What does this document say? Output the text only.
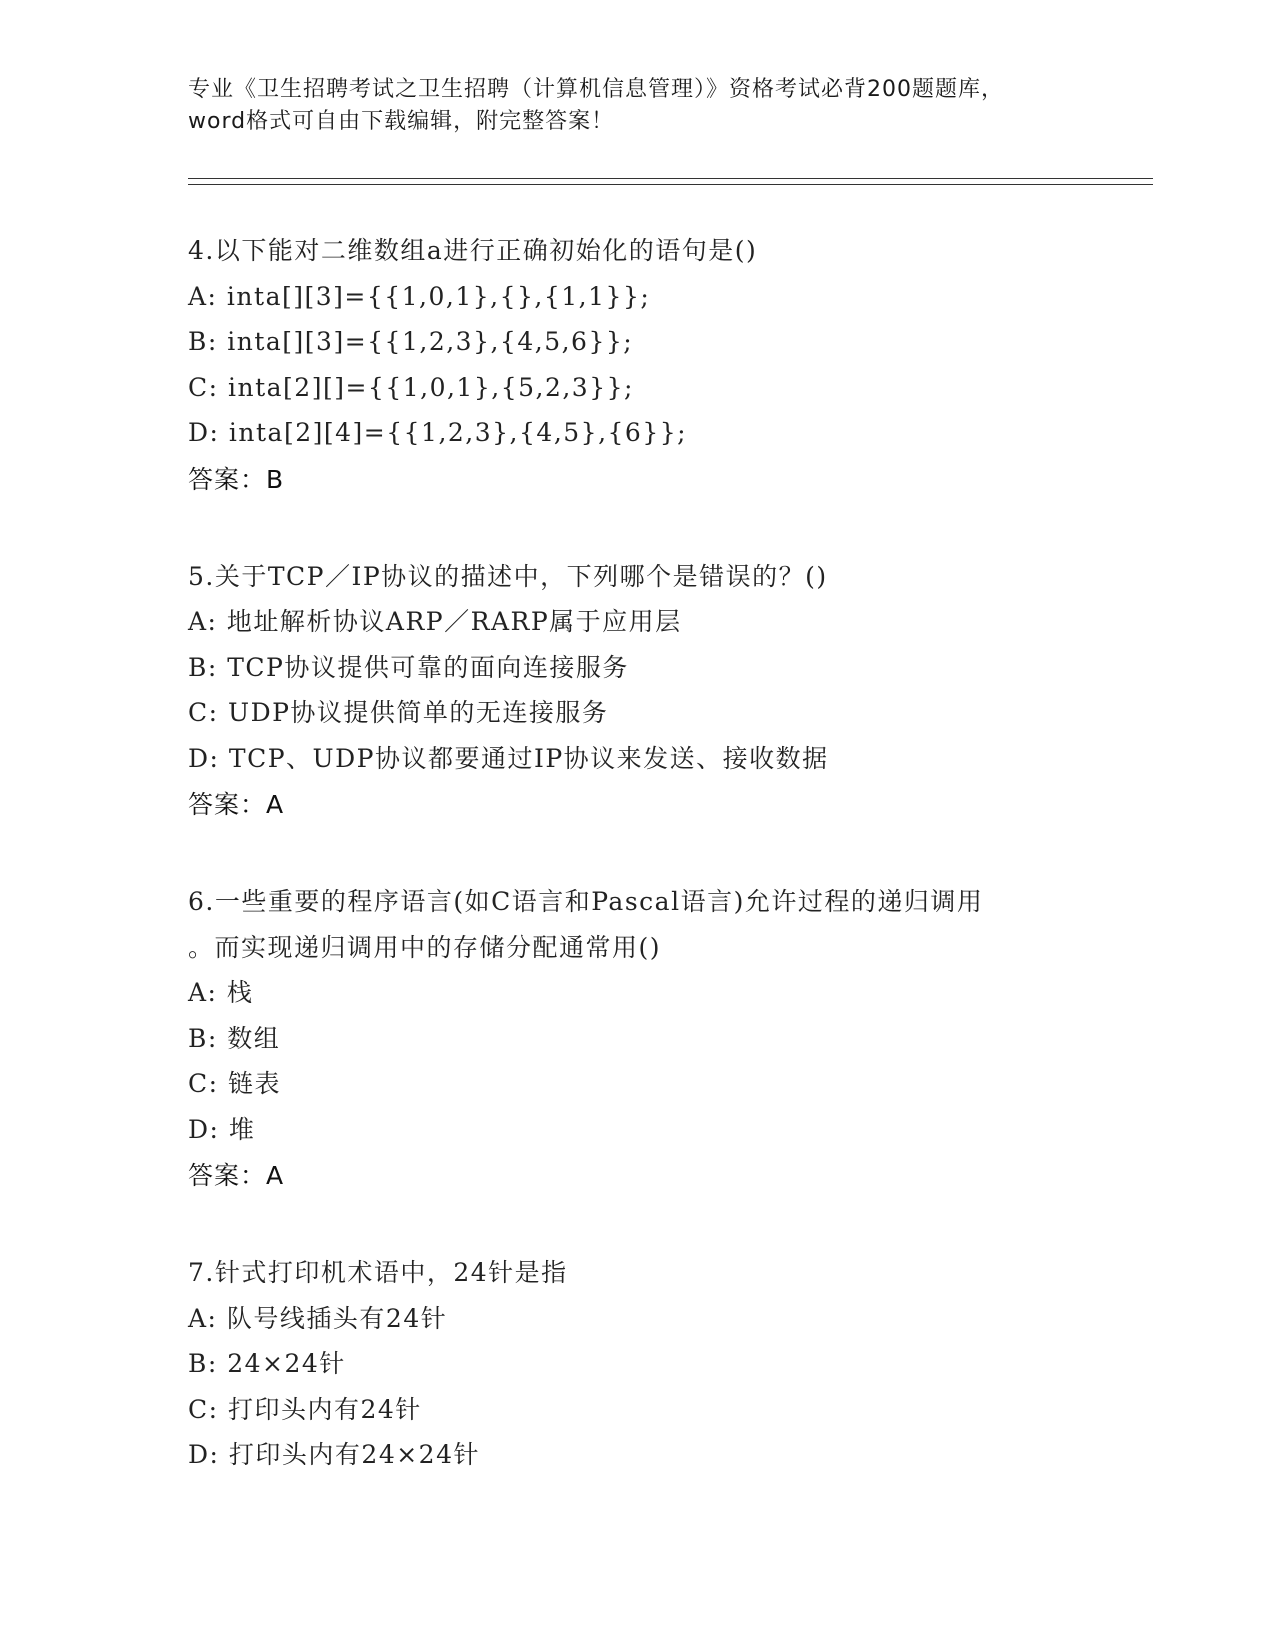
专业《卫生招聘考试之卫生招聘（计算机信息管理）》资格考试必背200题题库，
word格式可自由下载编辑，附完整答案！
4.以下能对二维数组a进行正确初始化的语句是()
A: inta[][3]={{1,0,1},{},{1,1}};
B: inta[][3]={{1,2,3},{4,5,6}};
C: inta[2][]={{1,0,1},{5,2,3}};
D: inta[2][4]={{1,2,3},{4,5},{6}};
答案：B
5.关于TCP／IP协议的描述中，下列哪个是错误的？()
A: 地址解析协议ARP／RARP属于应用层
B: TCP协议提供可靠的面向连接服务
C: UDP协议提供简单的无连接服务
D: TCP、UDP协议都要通过IP协议来发送、接收数据
答案：A
6.一些重要的程序语言(如C语言和Pascal语言)允许过程的递归调用
。而实现递归调用中的存储分配通常用()
A: 栈
B: 数组
C: 链表
D: 堆
答案：A
7.针式打印机术语中，24针是指
A: 队号线插头有24针
B: 24×24针
C: 打印头内有24针
D: 打印头内有24×24针
